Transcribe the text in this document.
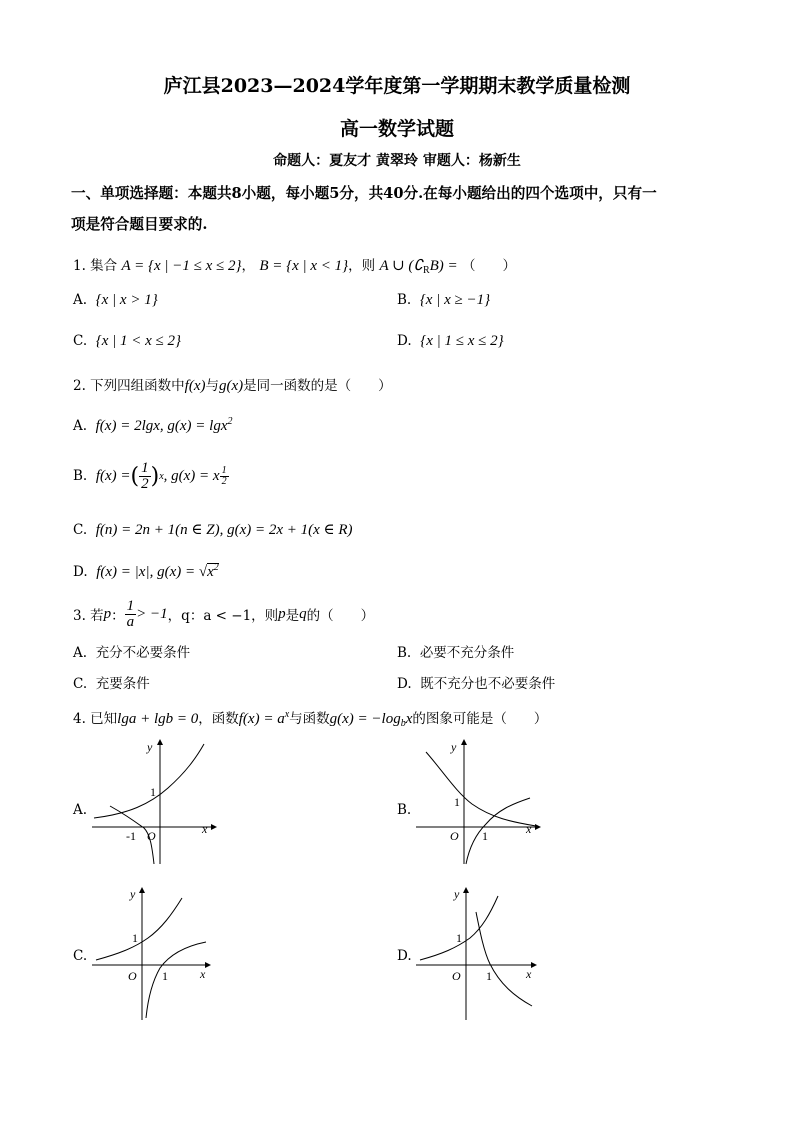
庐江县2023—2024学年度第一学期期末教学质量检测
高一数学试题
命题人：夏友才 黄翠玲 审题人：杨新生
一、单项选择题：本题共8小题，每小题5分，共40分.在每小题给出的四个选项中，只有一
项是符合题目要求的.
1. 集合 A = {x | −1 ≤ x ≤ 2}， B = {x | x < 1}，则 A ∪ $(∁_RB)$ = （　　）
A. {x | x > 1}	B. {x | x ≥ −1}
C. {x | 1 < x ≤ 2}	D. {x | 1 ≤ x ≤ 2}
2. 下列四组函数中f(x)与g(x)是同一函数的是（　　）
A. f(x) = 2lgx, g(x) = lgx$^2$
B.
f(x) = ( $\frac{1}{2}$ ) x , g(x) = x $\frac{1}{2}$
C. f(n) = 2n + 1(n ∈ Z), g(x) = 2x + 1(x ∈ R)
D. f(x) = |x|, $g(x) = √x^2$
3. 若 p ： $\frac{1}{a} > -1$ ，q：a < −1，则 p 是 q 的（　　）
A. 充分不必要条件	B. 必要不充分条件
C. 充要条件	D. 既不充分也不必要条件
4. 已知lga + lgb = 0，函数$f(x) = a^x$与函数$g(x) = -\log_bx$的图象可能是（　　）
A.
y
x
1
O
-1
B.
y
x
1
O 1
C.
y
x
1
O 1
D.
y
x
1
O 1
